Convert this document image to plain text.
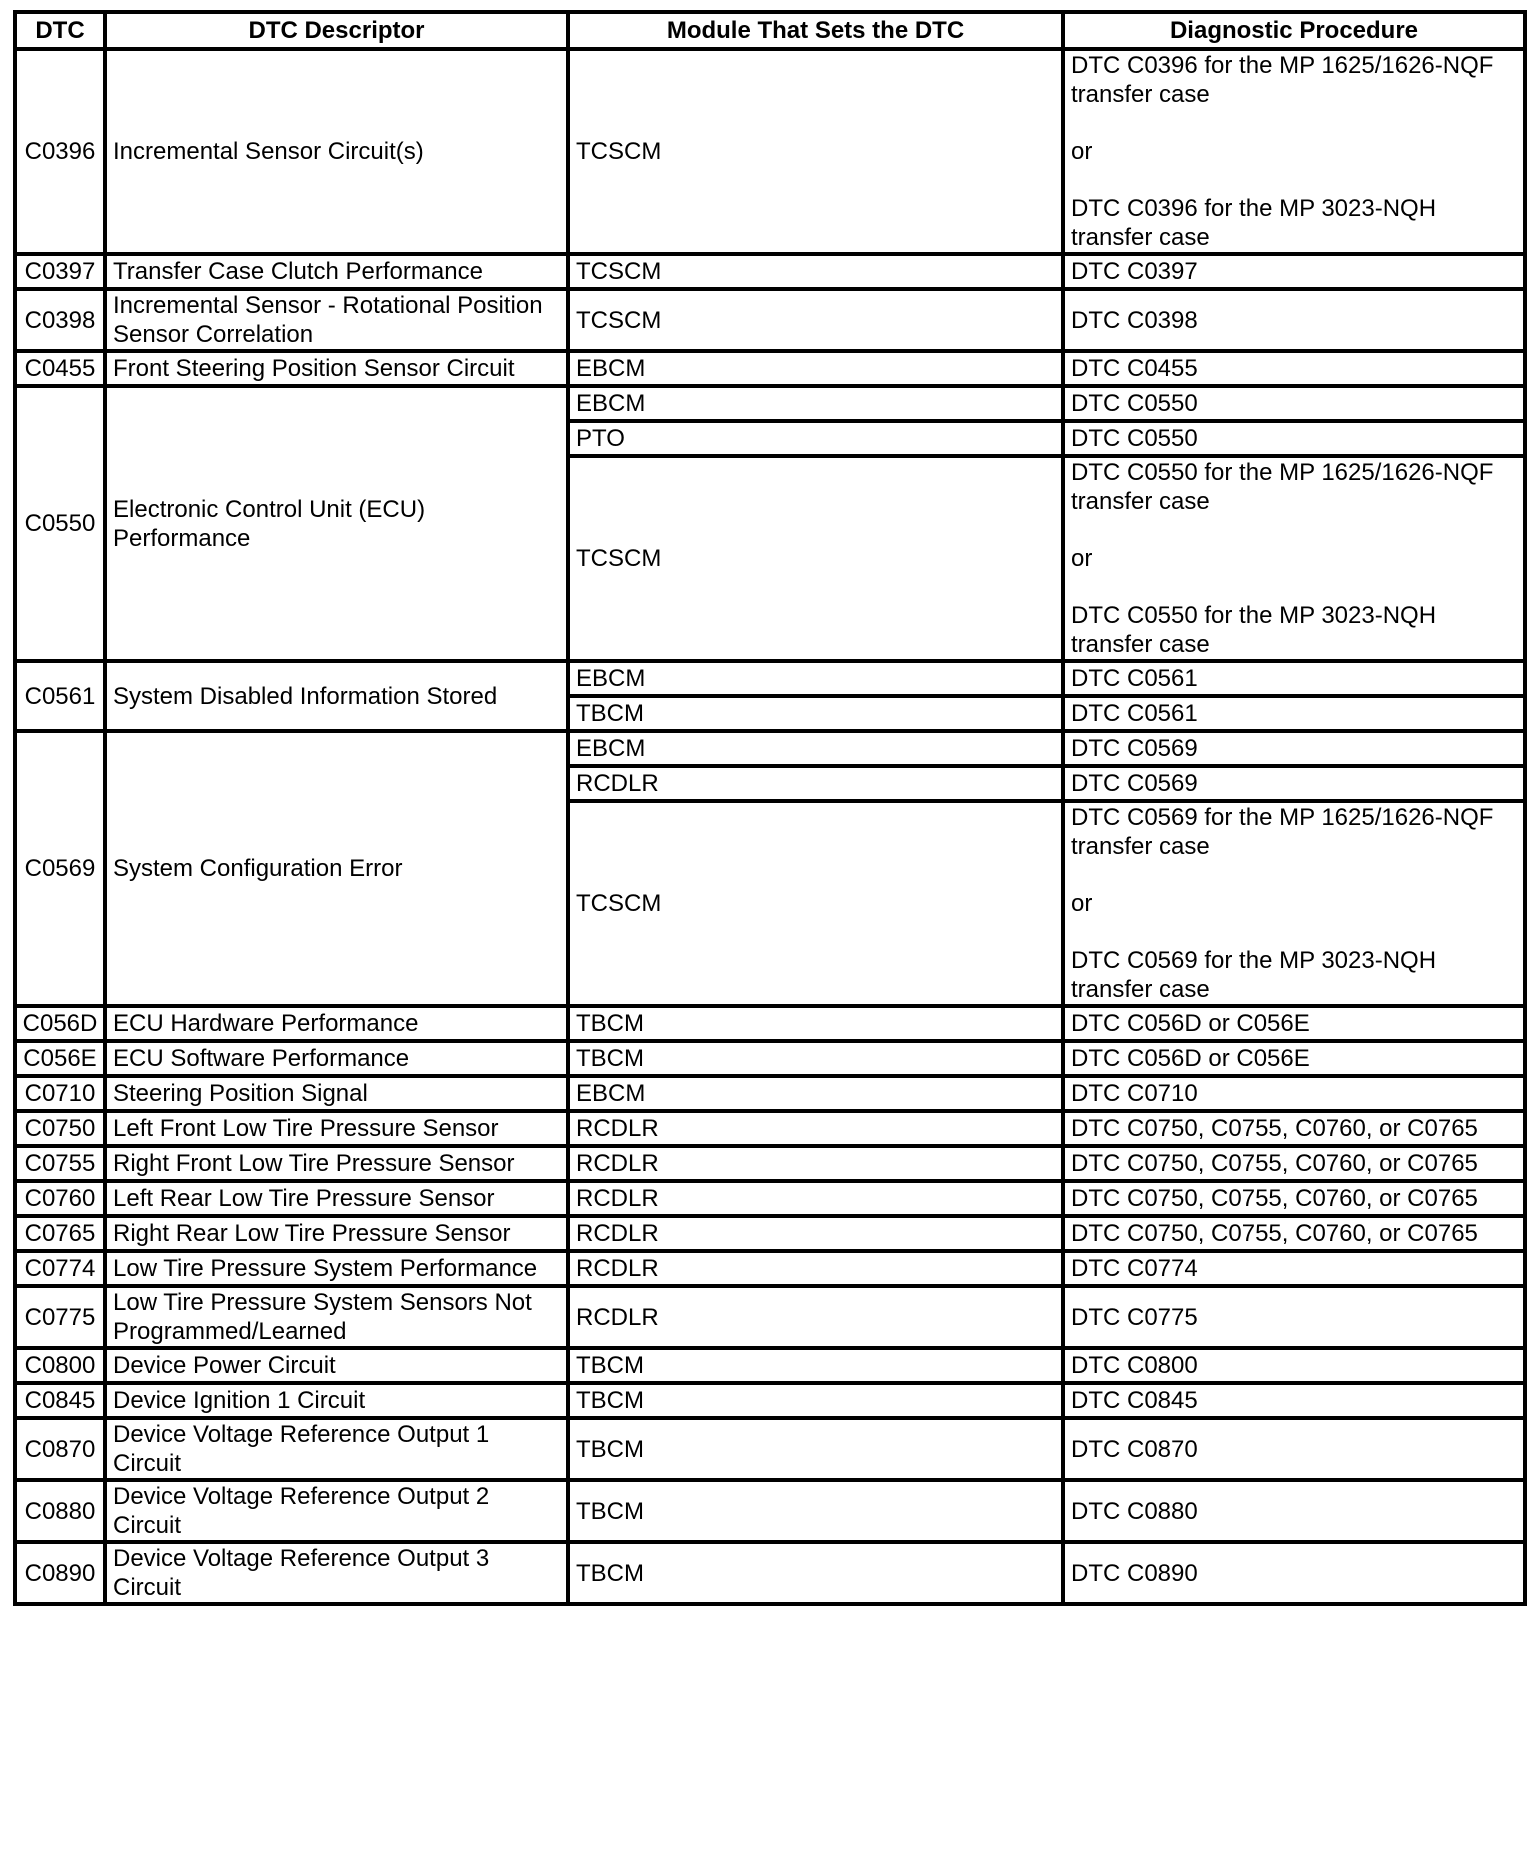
DTC	DTC Descriptor	Module That Sets the DTC	Diagnostic Procedure
C0396	Incremental Sensor Circuit(s)	TCSCM	DTC C0396 for the MP 1625/1626-NQF transfer case
or
DTC C0396 for the MP 3023-NQH transfer case

C0397	Transfer Case Clutch Performance	TCSCM	DTC C0397

C0398	Incremental Sensor - Rotational Position Sensor Correlation	TCSCM	DTC C0398

C0455	Front Steering Position Sensor Circuit	EBCM	DTC C0455

C0550	Electronic Control Unit (ECU) Performance	EBCM	DTC C0550

		PTO	DTC C0550

		TCSCM	DTC C0550 for the MP 1625/1626-NQF transfer case
or
DTC C0550 for the MP 3023-NQH transfer case

C0561	System Disabled Information Stored	EBCM	DTC C0561

		TBCM	DTC C0561

C0569	System Configuration Error	EBCM	DTC C0569

		RCDLR	DTC C0569

		TCSCM	DTC C0569 for the MP 1625/1626-NQF transfer case
or
DTC C0569 for the MP 3023-NQH transfer case

C056D	ECU Hardware Performance	TBCM	DTC C056D or C056E

C056E	ECU Software Performance	TBCM	DTC C056D or C056E

C0710	Steering Position Signal	EBCM	DTC C0710

C0750	Left Front Low Tire Pressure Sensor	RCDLR	DTC C0750, C0755, C0760, or C0765

C0755	Right Front Low Tire Pressure Sensor	RCDLR	DTC C0750, C0755, C0760, or C0765

C0760	Left Rear Low Tire Pressure Sensor	RCDLR	DTC C0750, C0755, C0760, or C0765

C0765	Right Rear Low Tire Pressure Sensor	RCDLR	DTC C0750, C0755, C0760, or C0765

C0774	Low Tire Pressure System Performance	RCDLR	DTC C0774

C0775	Low Tire Pressure System Sensors Not Programmed/Learned	RCDLR	DTC C0775

C0800	Device Power Circuit	TBCM	DTC C0800

C0845	Device Ignition 1 Circuit	TBCM	DTC C0845

C0870	Device Voltage Reference Output 1 Circuit	TBCM	DTC C0870

C0880	Device Voltage Reference Output 2 Circuit	TBCM	DTC C0880

C0890	Device Voltage Reference Output 3 Circuit	TBCM	DTC C0890
